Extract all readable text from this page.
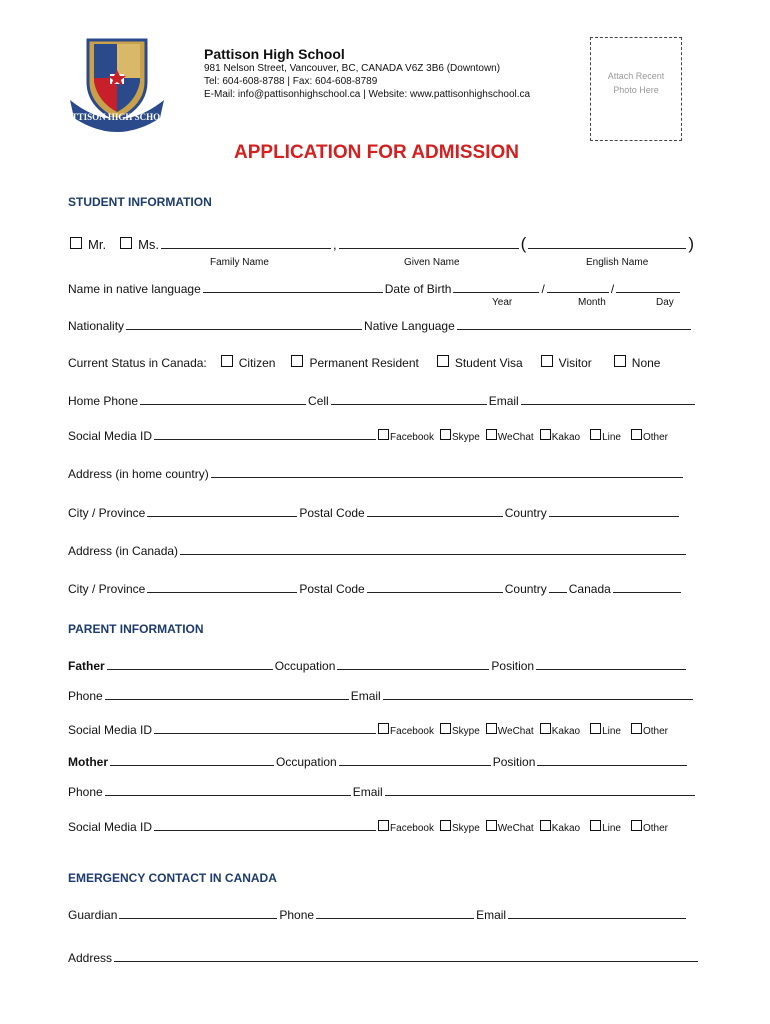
PATTISON HIGH SCHOOL
Pattison High School
981 Nelson Street, Vancouver, BC, CANADA V6Z 3B6 (Downtown)
Tel: 604-608-8788 | Fax: 604-608-8789
E-Mail: info@pattisonhighschool.ca | Website: www.pattisonhighschool.ca
Attach Recent
Photo Here
APPLICATION FOR ADMISSION
STUDENT INFORMATION
Mr. Ms.	,	(	)
Family Name	Given Name	English Name
Name in native language	Date of Birth	/	/
Year	Month	Day
Nationality	Native Language
Current Status in Canada:	Citizen	Permanent Resident	Student Visa	Visitor	None
Home Phone	Cell	Email
Social Media ID	Facebook Skype WeChat Kakao Line Other
Address (in home country)
City / Province	Postal Code	Country
Address (in Canada)
City / Province	Postal Code	Country Canada
PARENT INFORMATION
Father	Occupation	Position
Phone	Email
Social Media ID	Facebook Skype WeChat Kakao Line Other
Mother	Occupation	Position
Phone	Email
Social Media ID	Facebook Skype WeChat Kakao Line Other
EMERGENCY CONTACT IN CANADA
Guardian	Phone	Email
Address
